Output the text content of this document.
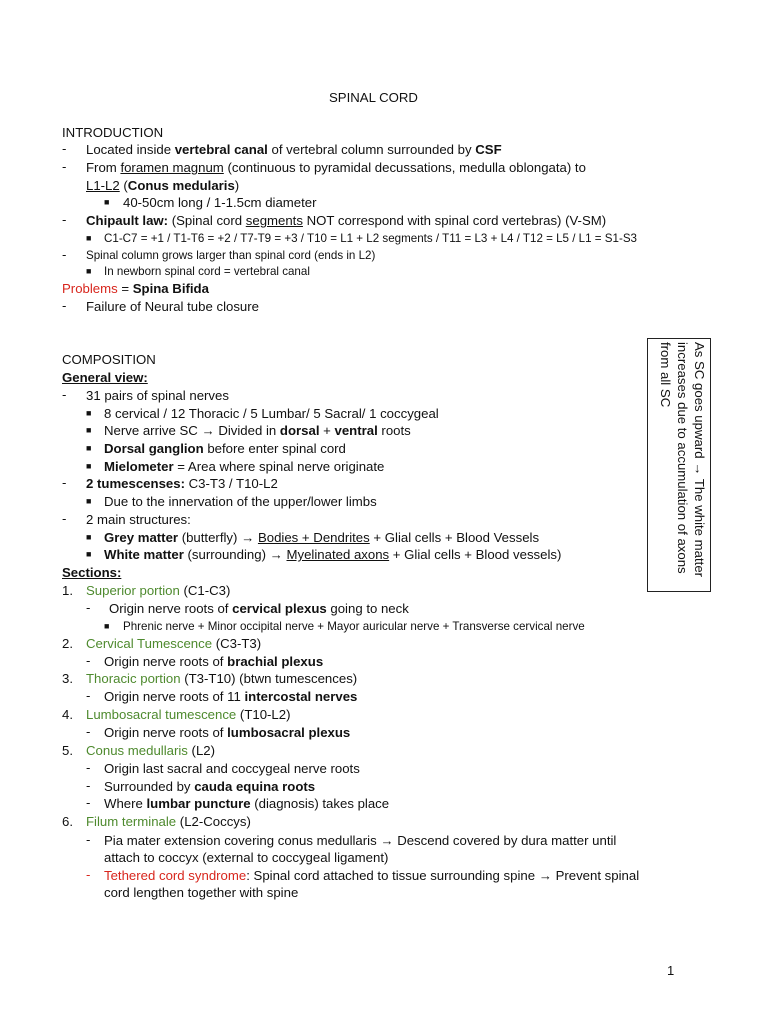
SPINAL CORD
INTRODUCTION
- Located inside vertebral canal of vertebral column surrounded by CSF
- From foramen magnum (continuous to pyramidal decussations, medulla oblongata) to
L1-L2 (Conus medularis)
■ 40-50cm long / 1-1.5cm diameter
- Chipault law: (Spinal cord segments NOT correspond with spinal cord vertebras) (V-SM)
■ C1-C7 = +1 / T1-T6 = +2 / T7-T9 = +3 / T10 = L1 + L2 segments / T11 = L3 + L4 / T12 = L5 / L1 = S1-S3
- Spinal column grows larger than spinal cord (ends in L2)
■ In newborn spinal cord = vertebral canal
Problems = Spina Bifida
- Failure of Neural tube closure
COMPOSITION
General view:
- 31 pairs of spinal nerves
■ 8 cervical / 12 Thoracic / 5 Lumbar/ 5 Sacral/ 1 coccygeal
■ Nerve arrive SC → Divided in dorsal + ventral roots
■ Dorsal ganglion before enter spinal cord
■ Mielometer = Area where spinal nerve originate
- 2 tumescenses: C3-T3 / T10-L2
■ Due to the innervation of the upper/lower limbs
- 2 main structures:
■ Grey matter (butterfly) → Bodies + Dendrites + Glial cells + Blood Vessels
■ White matter (surrounding) → Myelinated axons + Glial cells + Blood vessels)
Sections:
1. Superior portion (C1-C3)
- Origin nerve roots of cervical plexus going to neck
■ Phrenic nerve + Minor occipital nerve + Mayor auricular nerve + Transverse cervical nerve
2. Cervical Tumescence (C3-T3)
- Origin nerve roots of brachial plexus
3. Thoracic portion (T3-T10) (btwn tumescences)
- Origin nerve roots of 11 intercostal nerves
4. Lumbosacral tumescence (T10-L2)
- Origin nerve roots of lumbosacral plexus
5. Conus medullaris (L2)
- Origin last sacral and coccygeal nerve roots
- Surrounded by cauda equina roots
- Where lumbar puncture (diagnosis) takes place
6. Filum terminale (L2-Coccys)
- Pia mater extension covering conus medullaris → Descend covered by dura matter until
attach to coccyx (external to coccygeal ligament)
- Tethered cord syndrome: Spinal cord attached to tissue surrounding spine → Prevent spinal
cord lengthen together with spine
As SC goes upward → The white matter increases due to accumulation of axons from all SC
1
